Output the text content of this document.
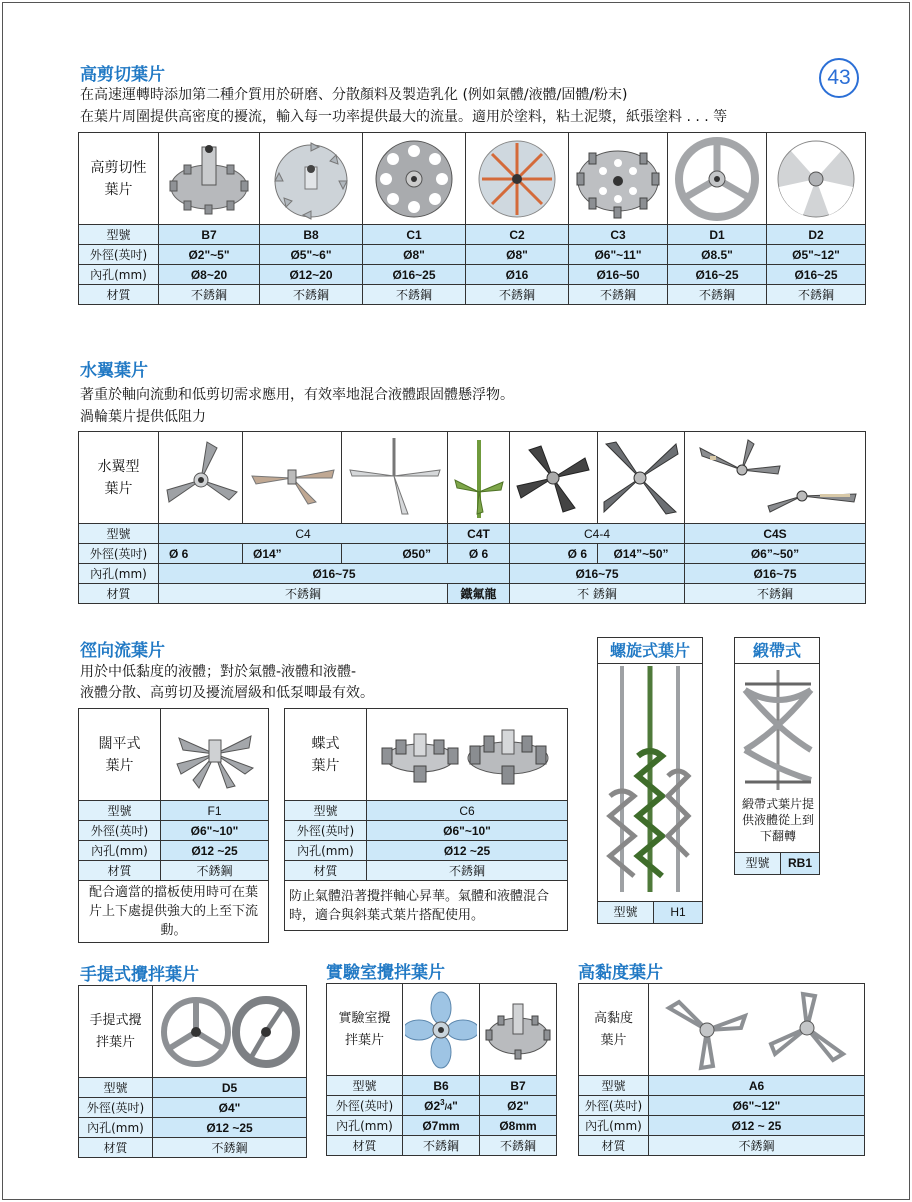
43
高剪切葉片
在高速運轉時添加第二種介質用於研磨、分散顏料及製造乳化 (例如氣體/液體/固體/粉末)
在葉片周圍提供高密度的擾流，輸入每一功率提供最大的流量。適用於塗料，粘土泥漿，紙張塗料 . . . 等
高剪切性
葉片	

型號	B7	B8	C1	C2	C3	D1	D2
外徑(英吋)	Ø2"~5"	Ø5"~6"	Ø8"	Ø8"	Ø6"~11"	Ø8.5"	Ø5"~12"
內孔(mm)	Ø8~20	Ø12~20	Ø16~25	Ø16	Ø16~50	Ø16~25	Ø16~25
材質	不銹鋼	不銹鋼	不銹鋼	不銹鋼	不銹鋼	不銹鋼	不銹鋼
水翼葉片
著重於軸向流動和低剪切需求應用，有效率地混合液體跟固體懸浮物。
渦輪葉片提供低阻力
水翼型
葉片	

型號	C4			C4T	C4-4		C4S
外徑(英吋)	Ø 6	Ø14”	Ø50”	Ø 6	Ø 6	Ø14”~50”	Ø6”~50”
內孔(mm)	Ø16~75				Ø16~75		Ø16~75
材質	不銹鋼			鐵氟龍	不 銹鋼		不銹鋼
徑向流葉片
用於中低黏度的液體；對於氣體-液體和液體-
液體分散、高剪切及擾流層級和低泵唧最有效。
闊平式
葉片	

型號	F1
外徑(英吋)	Ø6"~10"
內孔(mm)	Ø12 ~25
材質	不銹鋼
配合適當的擋板使用時可在葉片上下處提供強大的上至下流動。	
蝶式
葉片	

型號	C6
外徑(英吋)	Ø6"~10"
內孔(mm)	Ø12 ~25
材質	不銹鋼
防止氣體沿著攪拌軸心昇華。氣體和液體混合時，適合與斜葉式葉片搭配使用。	
螺旋式葉片
型號	H1
緞帶式
緞帶式葉片提供液體從上到下翻轉
型號	RB1
手提式攪拌葉片
手提式攪
拌葉片	

型號	D5
外徑(英吋)	Ø4"
內孔(mm)	Ø12 ~25
材質	不銹鋼
實驗室攪拌葉片
實驗室攪
拌葉片	

型號	B6	B7
外徑(英吋)	$Ø2^3/4$"	Ø2"
內孔(mm)	Ø7mm	Ø8mm
材質	不銹鋼	不銹鋼
高黏度葉片
高黏度
葉片	

型號	A6
外徑(英吋)	Ø6"~12"
內孔(mm)	Ø12 ~ 25
材質	不銹鋼
